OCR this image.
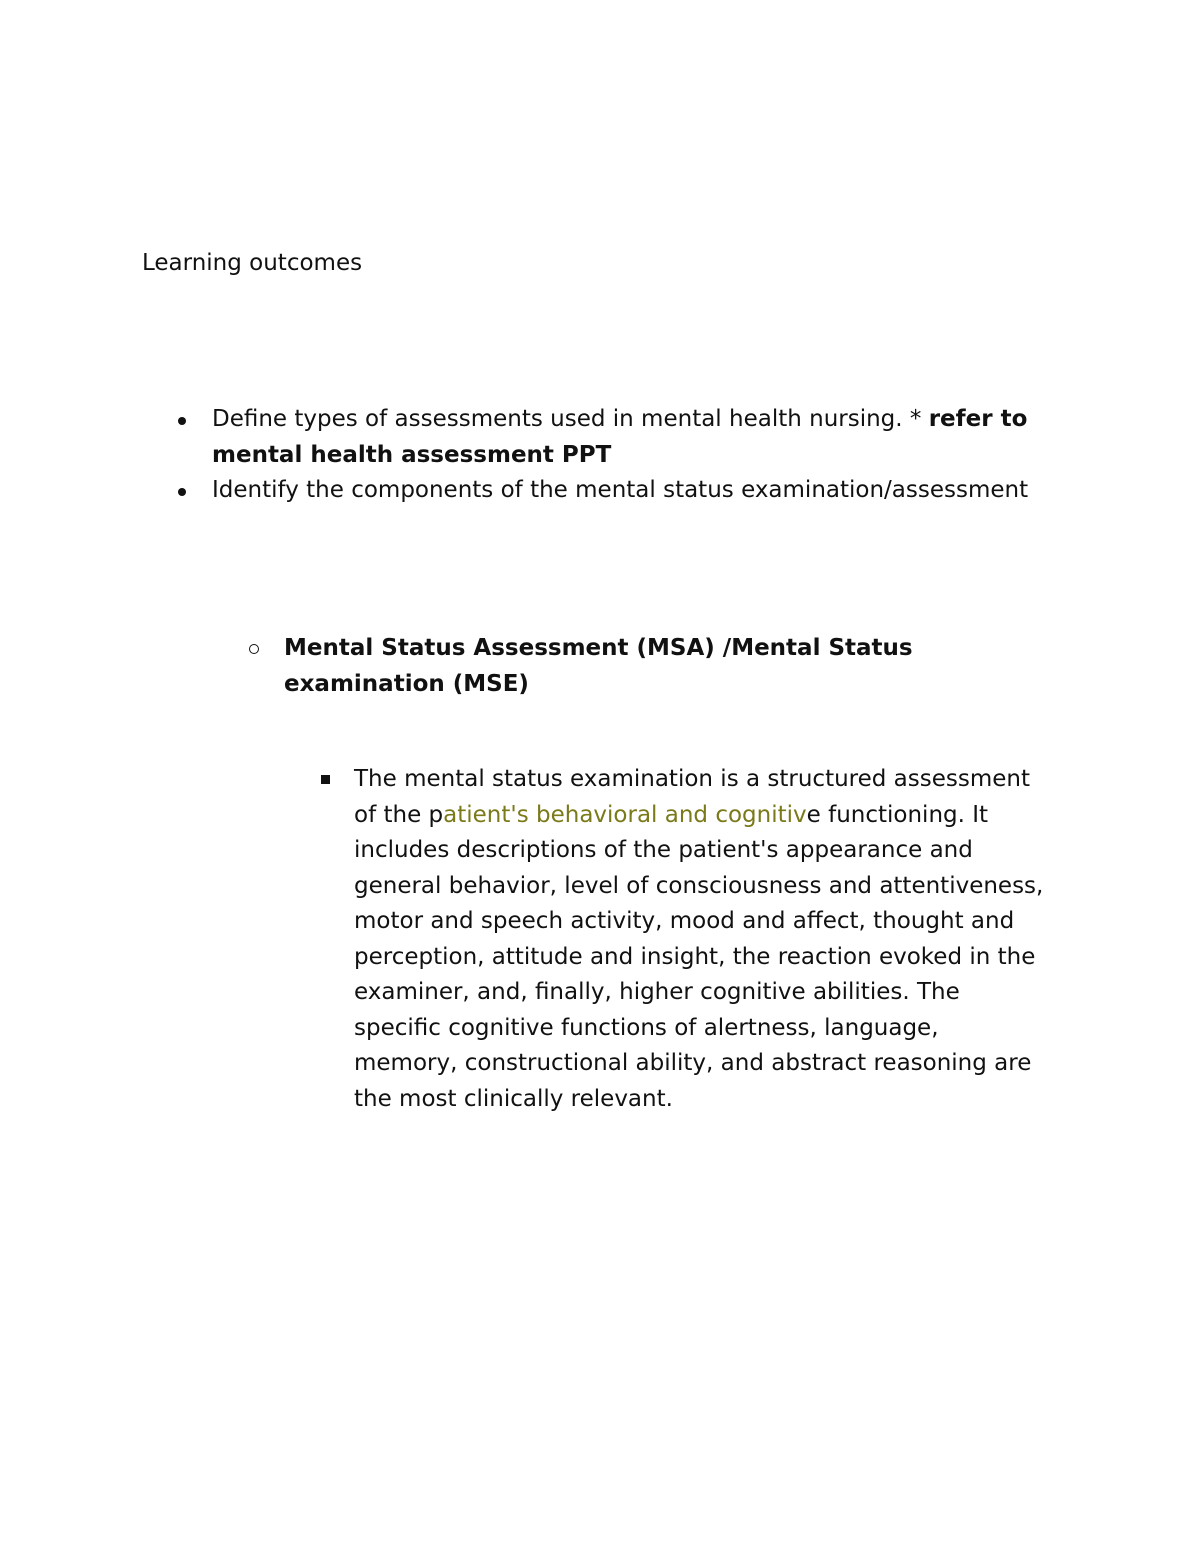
Learning outcomes

Define types of assessments used in mental health nursing. * refer to mental health assessment PPT
Identify the components of the mental status examination/assessment
Mental Status Assessment (MSA) /Mental Status examination (MSE)
The mental status examination is a structured assessment of the patient's behavioral and cognitive functioning. It includes descriptions of the patient's appearance and general behavior, level of consciousness and attentiveness, motor and speech activity, mood and affect, thought and perception, attitude and insight, the reaction evoked in the examiner, and, finally, higher cognitive abilities. The specific cognitive functions of alertness, language, memory, constructional ability, and abstract reasoning are the most clinically relevant.
